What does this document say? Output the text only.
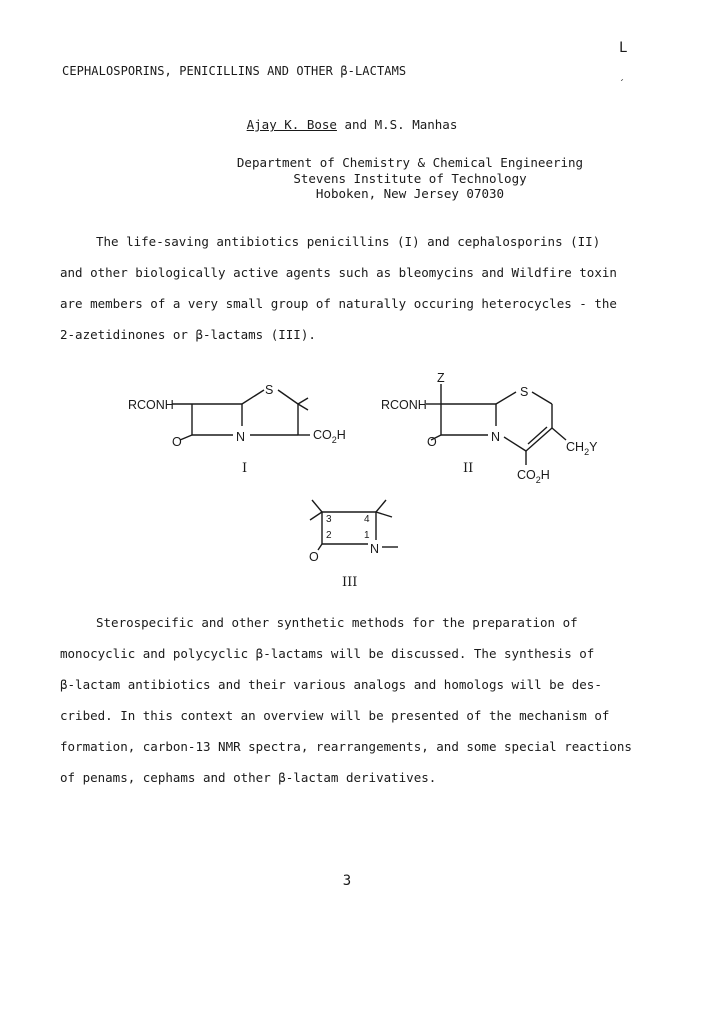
L
ˏ
CEPHALOSPORINS, PENICILLINS AND OTHER β-LACTAMS
Ajay K. Bose and M.S. Manhas
Department of Chemistry & Chemical Engineering
Stevens Institute of Technology
Hoboken, New Jersey 07030
The life-saving antibiotics penicillins (I) and cephalosporins (II)
and other biologically active agents such as bleomycins and Wildfire toxin
are members of a very small group of naturally occuring heterocycles - the
2-azetidinones or β-lactams (III).
RCONH
S
N
O	$CO_2H$
I
Z
RCONH
S
N
O	$CH_2Y$
$CO_2H$
II
3	4
2	1
N
O
III
Sterospecific and other synthetic methods for the preparation of
monocyclic and polycyclic β-lactams will be discussed. The synthesis of
β-lactam antibiotics and their various analogs and homologs will be des-
cribed. In this context an overview will be presented of the mechanism of
formation, carbon-13 NMR spectra, rearrangements, and some special reactions
of penams, cephams and other β-lactam derivatives.
3
